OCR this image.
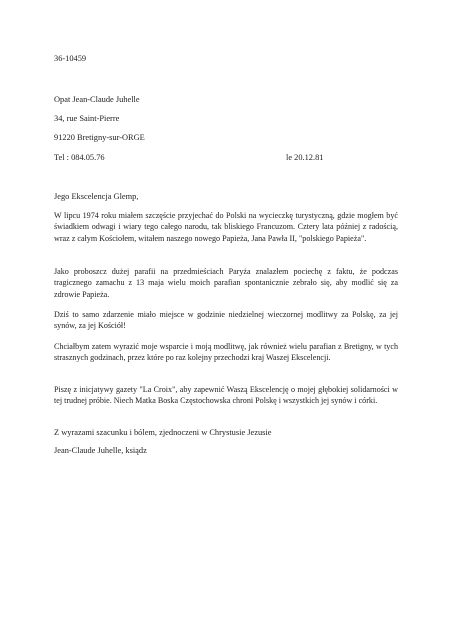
36-10459
Opat Jean-Claude Juhelle
34, rue Saint-Pierre
91220 Bretigny-sur-ORGE
Tel : 084.05.76	le 20.12.81
Jego Ekscelencja Glemp,
W lipcu 1974 roku miałem szczęście przyjechać do Polski na wycieczkę turystyczną, gdzie mogłem być świadkiem odwagi i wiary tego całego narodu, tak bliskiego Francuzom. Cztery lata później z radością, wraz z całym Kościołem, witałem naszego nowego Papieża, Jana Pawła II, "polskiego Papieża".
Jako proboszcz dużej parafii na przedmieściach Paryża znalazłem pociechę z faktu, że podczas tragicznego zamachu z 13 maja wielu moich parafian spontanicznie zebrało się, aby modlić się za zdrowie Papieża.
Dziś to samo zdarzenie miało miejsce w godzinie niedzielnej wieczornej modlitwy za Polskę, za jej synów, za jej Kościół!
Chciałbym zatem wyrazić moje wsparcie i moją modlitwę, jak również wielu parafian z Bretigny, w tych strasznych godzinach, przez które po raz kolejny przechodzi kraj Waszej Ekscelencji.
Piszę z inicjatywy gazety "La Croix", aby zapewnić Waszą Ekscelencję o mojej głębokiej solidarności w tej trudnej próbie. Niech Matka Boska Częstochowska chroni Polskę i wszystkich jej synów i córki.
Z wyrazami szacunku i bólem, zjednoczeni w Chrystusie Jezusie
Jean-Claude Juhelle, ksiądz
